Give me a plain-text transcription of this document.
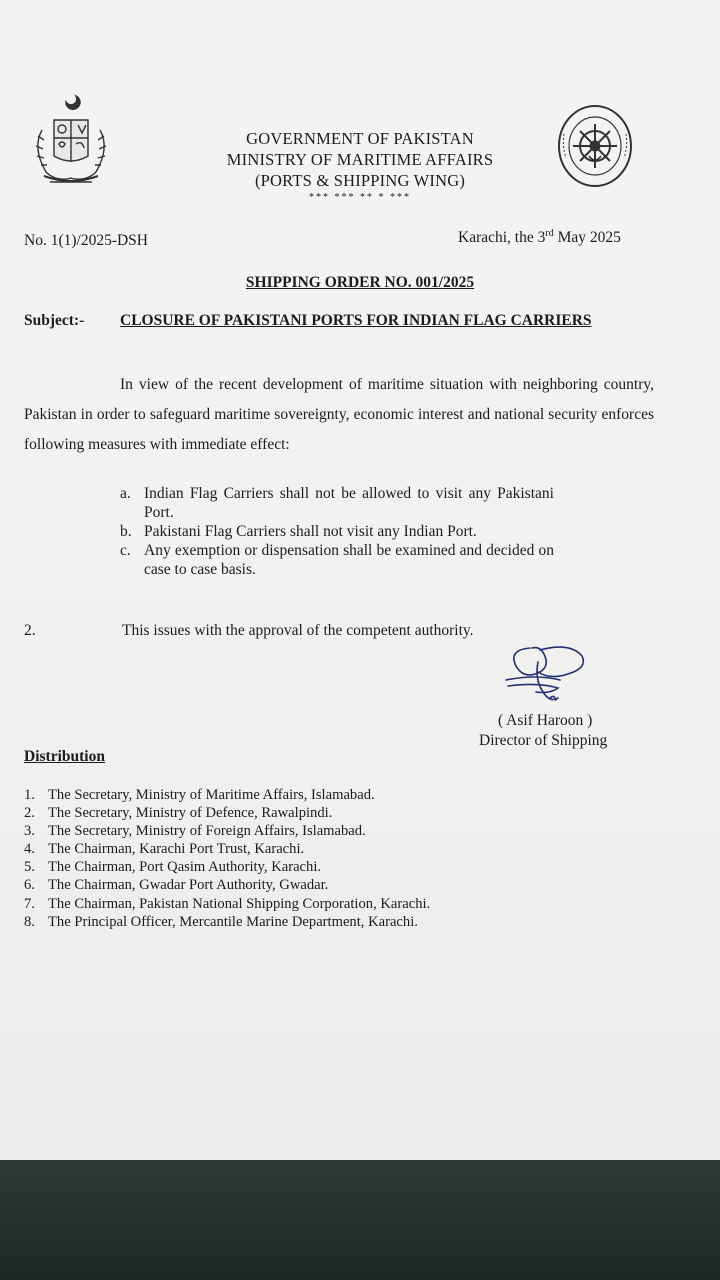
GOVERNMENT OF PAKISTAN
MINISTRY OF MARITIME AFFAIRS
(PORTS & SHIPPING WING)
*** *** ** * ***
No. 1(1)/2025-DSH	Karachi, the 3rd May 2025
SHIPPING ORDER NO. 001/2025
Subject:- CLOSURE OF PAKISTANI PORTS FOR INDIAN FLAG CARRIERS
In view of the recent development of maritime situation with neighboring country, Pakistan in order to safeguard maritime sovereignty, economic interest and national security enforces following measures with immediate effect:
a. Indian Flag Carriers shall not be allowed to visit any Pakistani Port.
b. Pakistani Flag Carriers shall not visit any Indian Port.
c. Any exemption or dispensation shall be examined and decided on case to case basis.
2.	This issues with the approval of the competent authority.
( Asif Haroon )
Director of Shipping
Distribution
1. The Secretary, Ministry of Maritime Affairs, Islamabad.
2. The Secretary, Ministry of Defence, Rawalpindi.
3. The Secretary, Ministry of Foreign Affairs, Islamabad.
4. The Chairman, Karachi Port Trust, Karachi.
5. The Chairman, Port Qasim Authority, Karachi.
6. The Chairman, Gwadar Port Authority, Gwadar.
7. The Chairman, Pakistan National Shipping Corporation, Karachi.
8. The Principal Officer, Mercantile Marine Department, Karachi.
